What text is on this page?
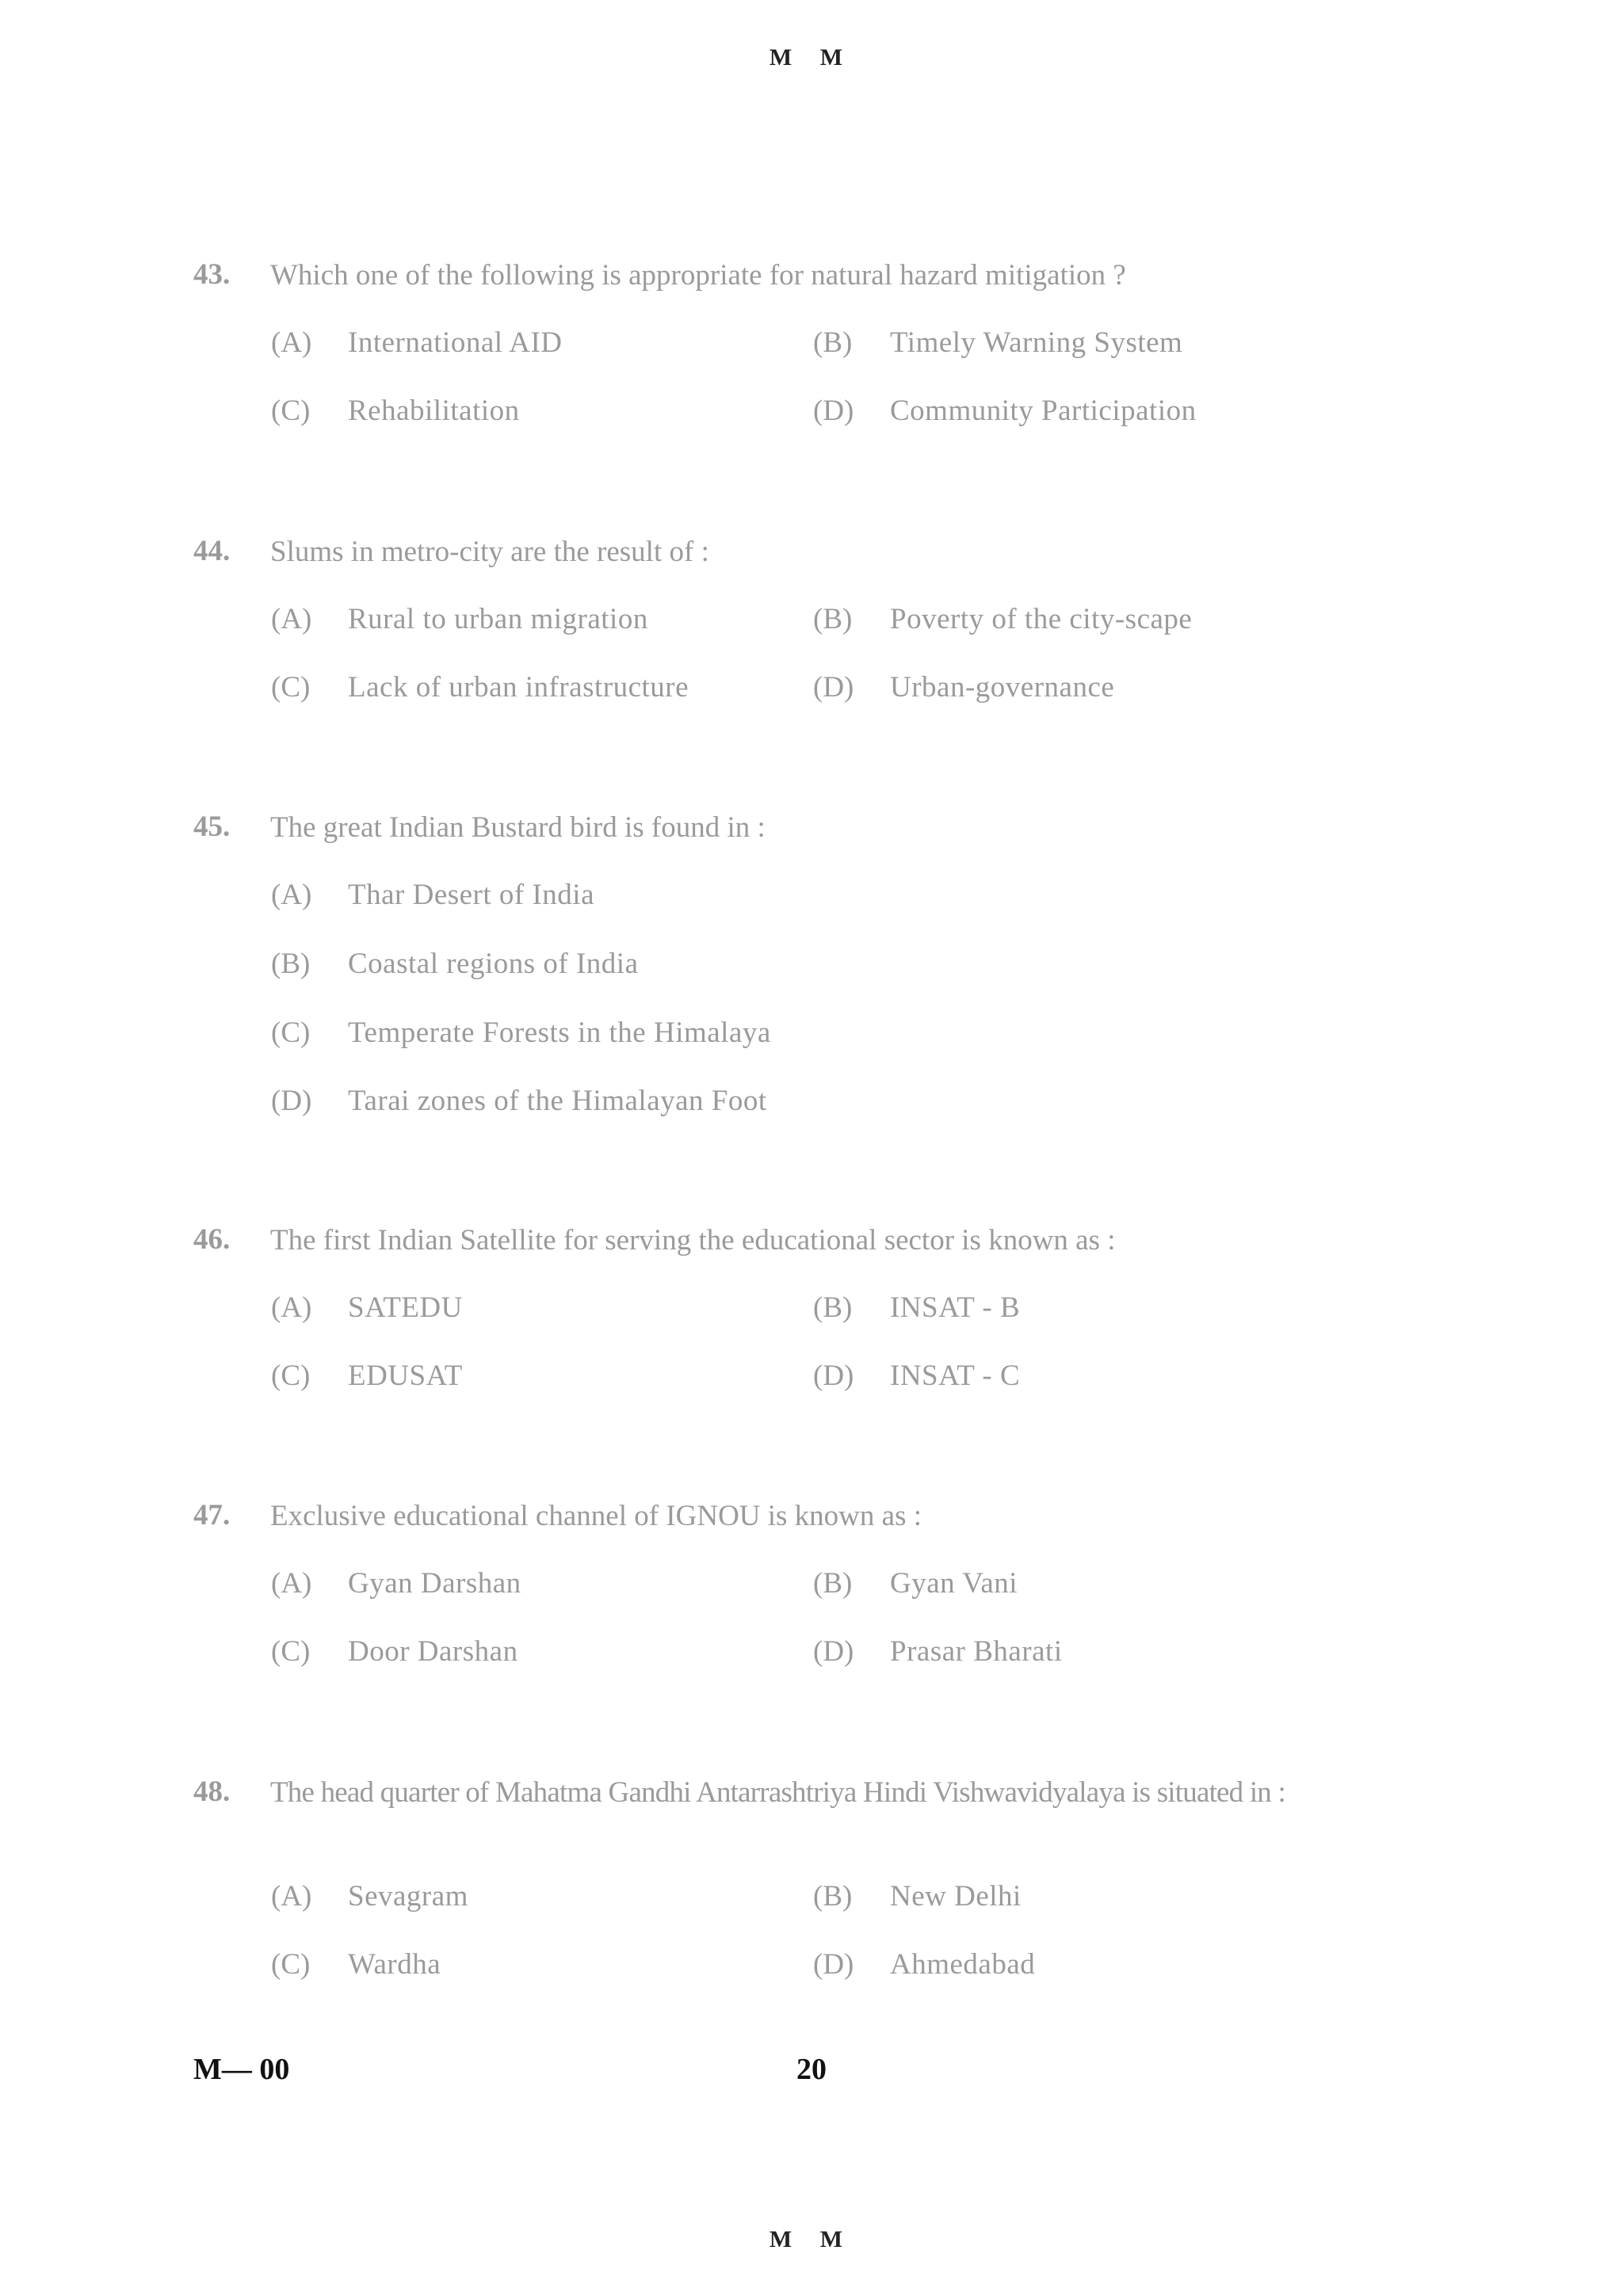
M M
43. Which one of the following is appropriate for natural hazard mitigation ?
(A) International AID	(B) Timely Warning System
(C) Rehabilitation	(D) Community Participation
44. Slums in metro-city are the result of :
(A) Rural to urban migration	(B) Poverty of the city-scape
(C) Lack of urban infrastructure	(D) Urban-governance
45. The great Indian Bustard bird is found in :
(A) Thar Desert of India
(B) Coastal regions of India
(C) Temperate Forests in the Himalaya
(D) Tarai zones of the Himalayan Foot
46. The first Indian Satellite for serving the educational sector is known as :
(A) SATEDU	(B) INSAT - B
(C) EDUSAT	(D) INSAT - C
47. Exclusive educational channel of IGNOU is known as :
(A) Gyan Darshan	(B) Gyan Vani
(C) Door Darshan	(D) Prasar Bharati
48. The head quarter of Mahatma Gandhi Antarrashtriya Hindi Vishwavidyalaya is situated in :
(A) Sevagram	(B) New Delhi
(C) Wardha	(D) Ahmedabad
M— 00	20
M M
